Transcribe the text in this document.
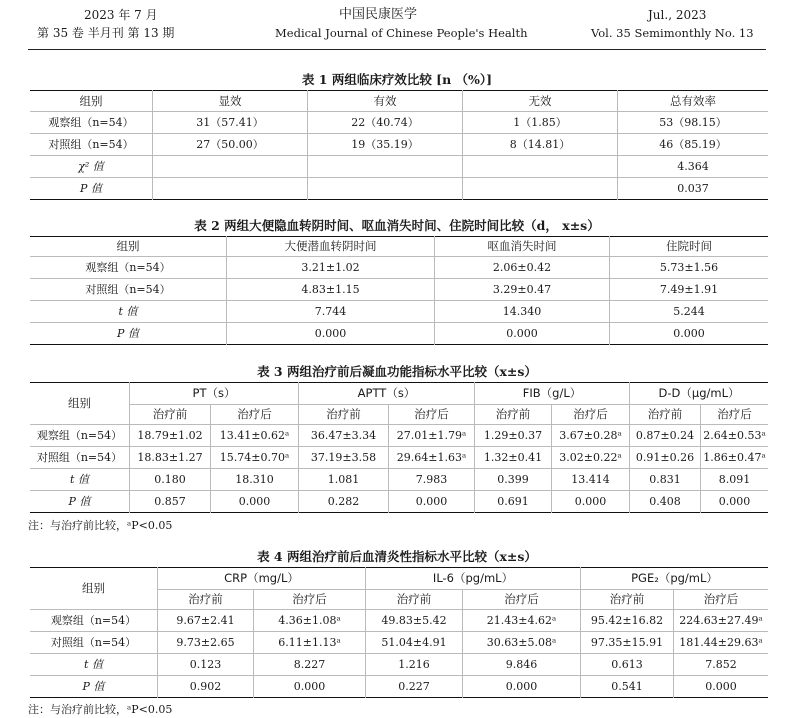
2023 年 7 月
第 35 卷 半月刊 第 13 期
中国民康医学
Medical Journal of Chinese People's Health
Jul., 2023
Vol. 35 Semimonthly No. 13
表 1 两组临床疗效比较 [n （%）]
组别	显效	有效	无效	总有效率
观察组（n=54）	31（57.41）	22（40.74）	1（1.85）	53（98.15）
对照组（n=54）	27（50.00）	19（35.19）	8（14.81）	46（85.19）
χ² 值				4.364
P 值				0.037
表 2 两组大便隐血转阴时间、呕血消失时间、住院时间比较（d， x±s）
组别	大便潜血转阴时间	呕血消失时间	住院时间
观察组（n=54）	3.21±1.02	2.06±0.42	5.73±1.56
对照组（n=54）	4.83±1.15	3.29±0.47	7.49±1.91
t 值	7.744	14.340	5.244
P 值	0.000	0.000	0.000
表 3 两组治疗前后凝血功能指标水平比较（x±s）
组别	PT（s）		APTT（s）		FIB（g/L）		D-D（μg/mL）	
	治疗前	治疗后	治疗前	治疗后	治疗前	治疗后	治疗前	治疗后
观察组（n=54）	18.79±1.02	13.41±0.62ᵃ	36.47±3.34	27.01±1.79ᵃ	1.29±0.37	3.67±0.28ᵃ	0.87±0.24	2.64±0.53ᵃ
对照组（n=54）	18.83±1.27	15.74±0.70ᵃ	37.19±3.58	29.64±1.63ᵃ	1.32±0.41	3.02±0.22ᵃ	0.91±0.26	1.86±0.47ᵃ
t 值	0.180	18.310	1.081	7.983	0.399	13.414	0.831	8.091
P 值	0.857	0.000	0.282	0.000	0.691	0.000	0.408	0.000
注：与治疗前比较，ᵃP<0.05
表 4 两组治疗前后血清炎性指标水平比较（x±s）
组别	CRP（mg/L）		IL-6（pg/mL）		PGE₂（pg/mL）	
	治疗前	治疗后	治疗前	治疗后	治疗前	治疗后
观察组（n=54）	9.67±2.41	4.36±1.08ᵃ	49.83±5.42	21.43±4.62ᵃ	95.42±16.82	224.63±27.49ᵃ
对照组（n=54）	9.73±2.65	6.11±1.13ᵃ	51.04±4.91	30.63±5.08ᵃ	97.35±15.91	181.44±29.63ᵃ
t 值	0.123	8.227	1.216	9.846	0.613	7.852
P 值	0.902	0.000	0.227	0.000	0.541	0.000
注：与治疗前比较，ᵃP<0.05
